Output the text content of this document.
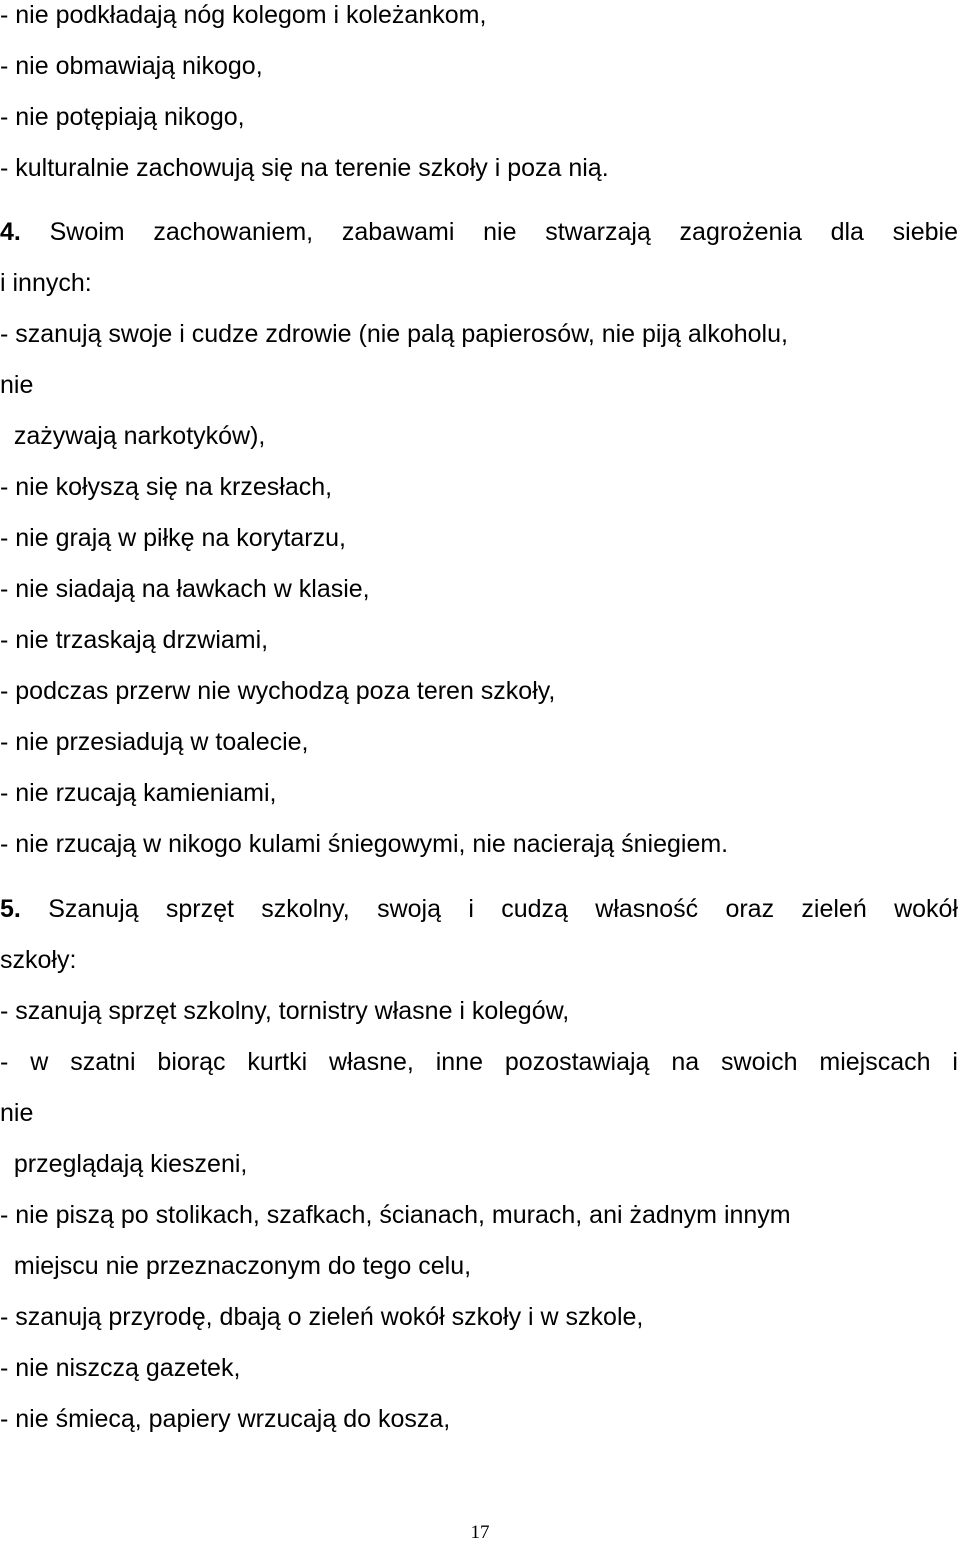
- nie podkładają nóg kolegom i koleżankom,
- nie obmawiają nikogo,
- nie potępiają nikogo,
- kulturalnie zachowują się na terenie szkoły i poza nią.
4. Swoim zachowaniem, zabawami nie stwarzają zagrożenia dla siebie
i innych:
- szanują swoje i cudze zdrowie (nie palą papierosów, nie piją alkoholu,
nie
zażywają narkotyków),
- nie kołyszą się na krzesłach,
- nie grają w piłkę na korytarzu,
- nie siadają na ławkach w klasie,
- nie trzaskają drzwiami,
- podczas przerw nie wychodzą poza teren szkoły,
- nie przesiadują w toalecie,
- nie rzucają kamieniami,
- nie rzucają w nikogo kulami śniegowymi, nie nacierają śniegiem.
5. Szanują sprzęt szkolny, swoją i cudzą własność oraz zieleń wokół
szkoły:
- szanują sprzęt szkolny, tornistry własne i kolegów,
- w szatni biorąc kurtki własne, inne pozostawiają na swoich miejscach i
nie
przeglądają kieszeni,
- nie piszą po stolikach, szafkach, ścianach, murach, ani żadnym innym
miejscu nie przeznaczonym do tego celu,
- szanują przyrodę, dbają o zieleń wokół szkoły i w szkole,
- nie niszczą gazetek,
- nie śmiecą, papiery wrzucają do kosza,
17
